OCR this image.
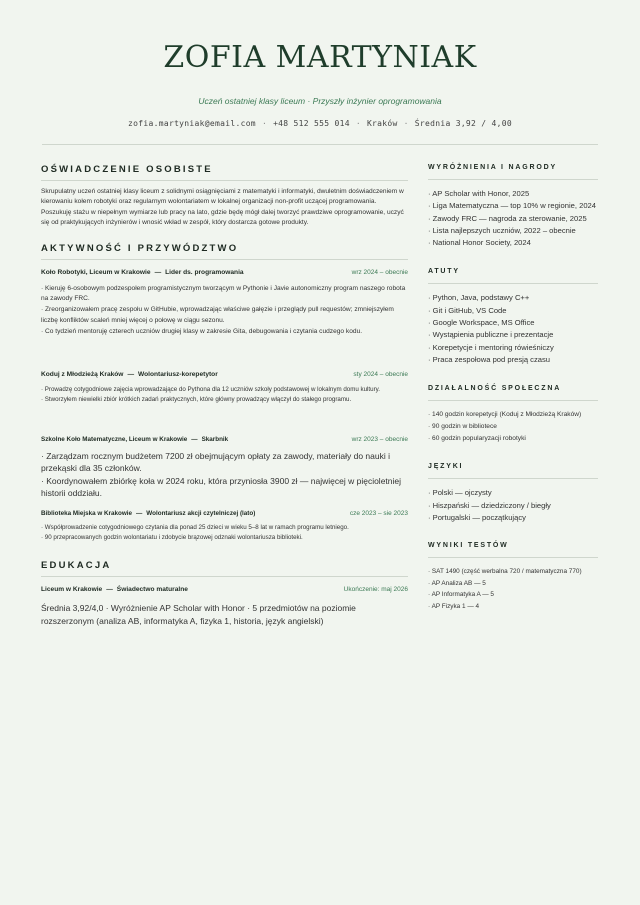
ZOFIA MARTYNIAK
Uczeń ostatniej klasy liceum · Przyszły inżynier oprogramowania
zofia.martyniak@email.com · +48 512 555 014 · Kraków · Średnia 3,92 / 4,00
OŚWIADCZENIE OSOBISTE

Skrupulatny uczeń ostatniej klasy liceum z solidnymi osiągnięciami z matematyki i informatyki, dwuletnim doświadczeniem w kierowaniu kołem robotyki oraz regularnym wolontariatem w lokalnej organizacji non-profit uczącej programowania. Poszukuję stażu w niepełnym wymiarze lub pracy na lato, gdzie będę mógł dalej tworzyć prawdziwe oprogramowanie, uczyć się od praktykujących inżynierów i wnosić wkład w zespół, który dostarcza gotowe produkty.

AKTYWNOŚĆ I PRZYWÓDZTWO
Koło Robotyki, Liceum w Krakowie — Lider ds. programowania	wrz 2024 – obecnie
· Kieruję 6-osobowym podzespołem programistycznym tworzącym w Pythonie i Javie autonomiczny program naszego robota na zawody FRC.
· Zreorganizowałem pracę zespołu w GitHubie, wprowadzając właściwe gałęzie i przeglądy pull requestów; zmniejszyłem liczbę konfliktów scaleń mniej więcej o połowę w ciągu sezonu.
· Co tydzień mentoruję czterech uczniów drugiej klasy w zakresie Gita, debugowania i czytania cudzego kodu.
Koduj z Młodzieżą Kraków — Wolontariusz-korepetytor	sty 2024 – obecnie
· Prowadzę cotygodniowe zajęcia wprowadzające do Pythona dla 12 uczniów szkoły podstawowej w lokalnym domu kultury.
· Stworzyłem niewielki zbiór krótkich zadań praktycznych, które główny prowadzący włączył do stałego programu.
Szkolne Koło Matematyczne, Liceum w Krakowie — Skarbnik	wrz 2023 – obecnie
· Zarządzam rocznym budżetem 7200 zł obejmującym opłaty za zawody, materiały do nauki i przekąski dla 35 członków.
· Koordynowałem zbiórkę koła w 2024 roku, która przyniosła 3900 zł — najwięcej w pięcioletniej historii oddziału.
Biblioteka Miejska w Krakowie — Wolontariusz akcji czytelniczej (lato)	cze 2023 – sie 2023
· Współprowadzenie cotygodniowego czytania dla ponad 25 dzieci w wieku 5–8 lat w ramach programu letniego.
· 90 przepracowanych godzin wolontariatu i zdobycie brązowej odznaki wolontariusza biblioteki.
EDUKACJA
Liceum w Krakowie — Świadectwo maturalne	Ukończenie: maj 2026
Średnia 3,92/4,0 · Wyróżnienie AP Scholar with Honor · 5 przedmiotów na poziomie rozszerzonym (analiza AB, informatyka A, fizyka 1, historia, język angielski)
WYRÓŻNIENIA I NAGRODY
· AP Scholar with Honor, 2025
· Liga Matematyczna — top 10% w regionie, 2024
· Zawody FRC — nagroda za sterowanie, 2025
· Lista najlepszych uczniów, 2022 – obecnie
· National Honor Society, 2024
ATUTY
· Python, Java, podstawy C++
· Git i GitHub, VS Code
· Google Workspace, MS Office
· Wystąpienia publiczne i prezentacje
· Korepetycje i mentoring rówieśniczy
· Praca zespołowa pod presją czasu
DZIAŁALNOŚĆ SPOŁECZNA
· 140 godzin korepetycji (Koduj z Młodzieżą Kraków)
· 90 godzin w bibliotece
· 60 godzin popularyzacji robotyki
JĘZYKI
· Polski — ojczysty
· Hiszpański — dziedziczony / biegły
· Portugalski — początkujący
WYNIKI TESTÓW
· SAT 1490 (część werbalna 720 / matematyczna 770)
· AP Analiza AB — 5
· AP Informatyka A — 5
· AP Fizyka 1 — 4
